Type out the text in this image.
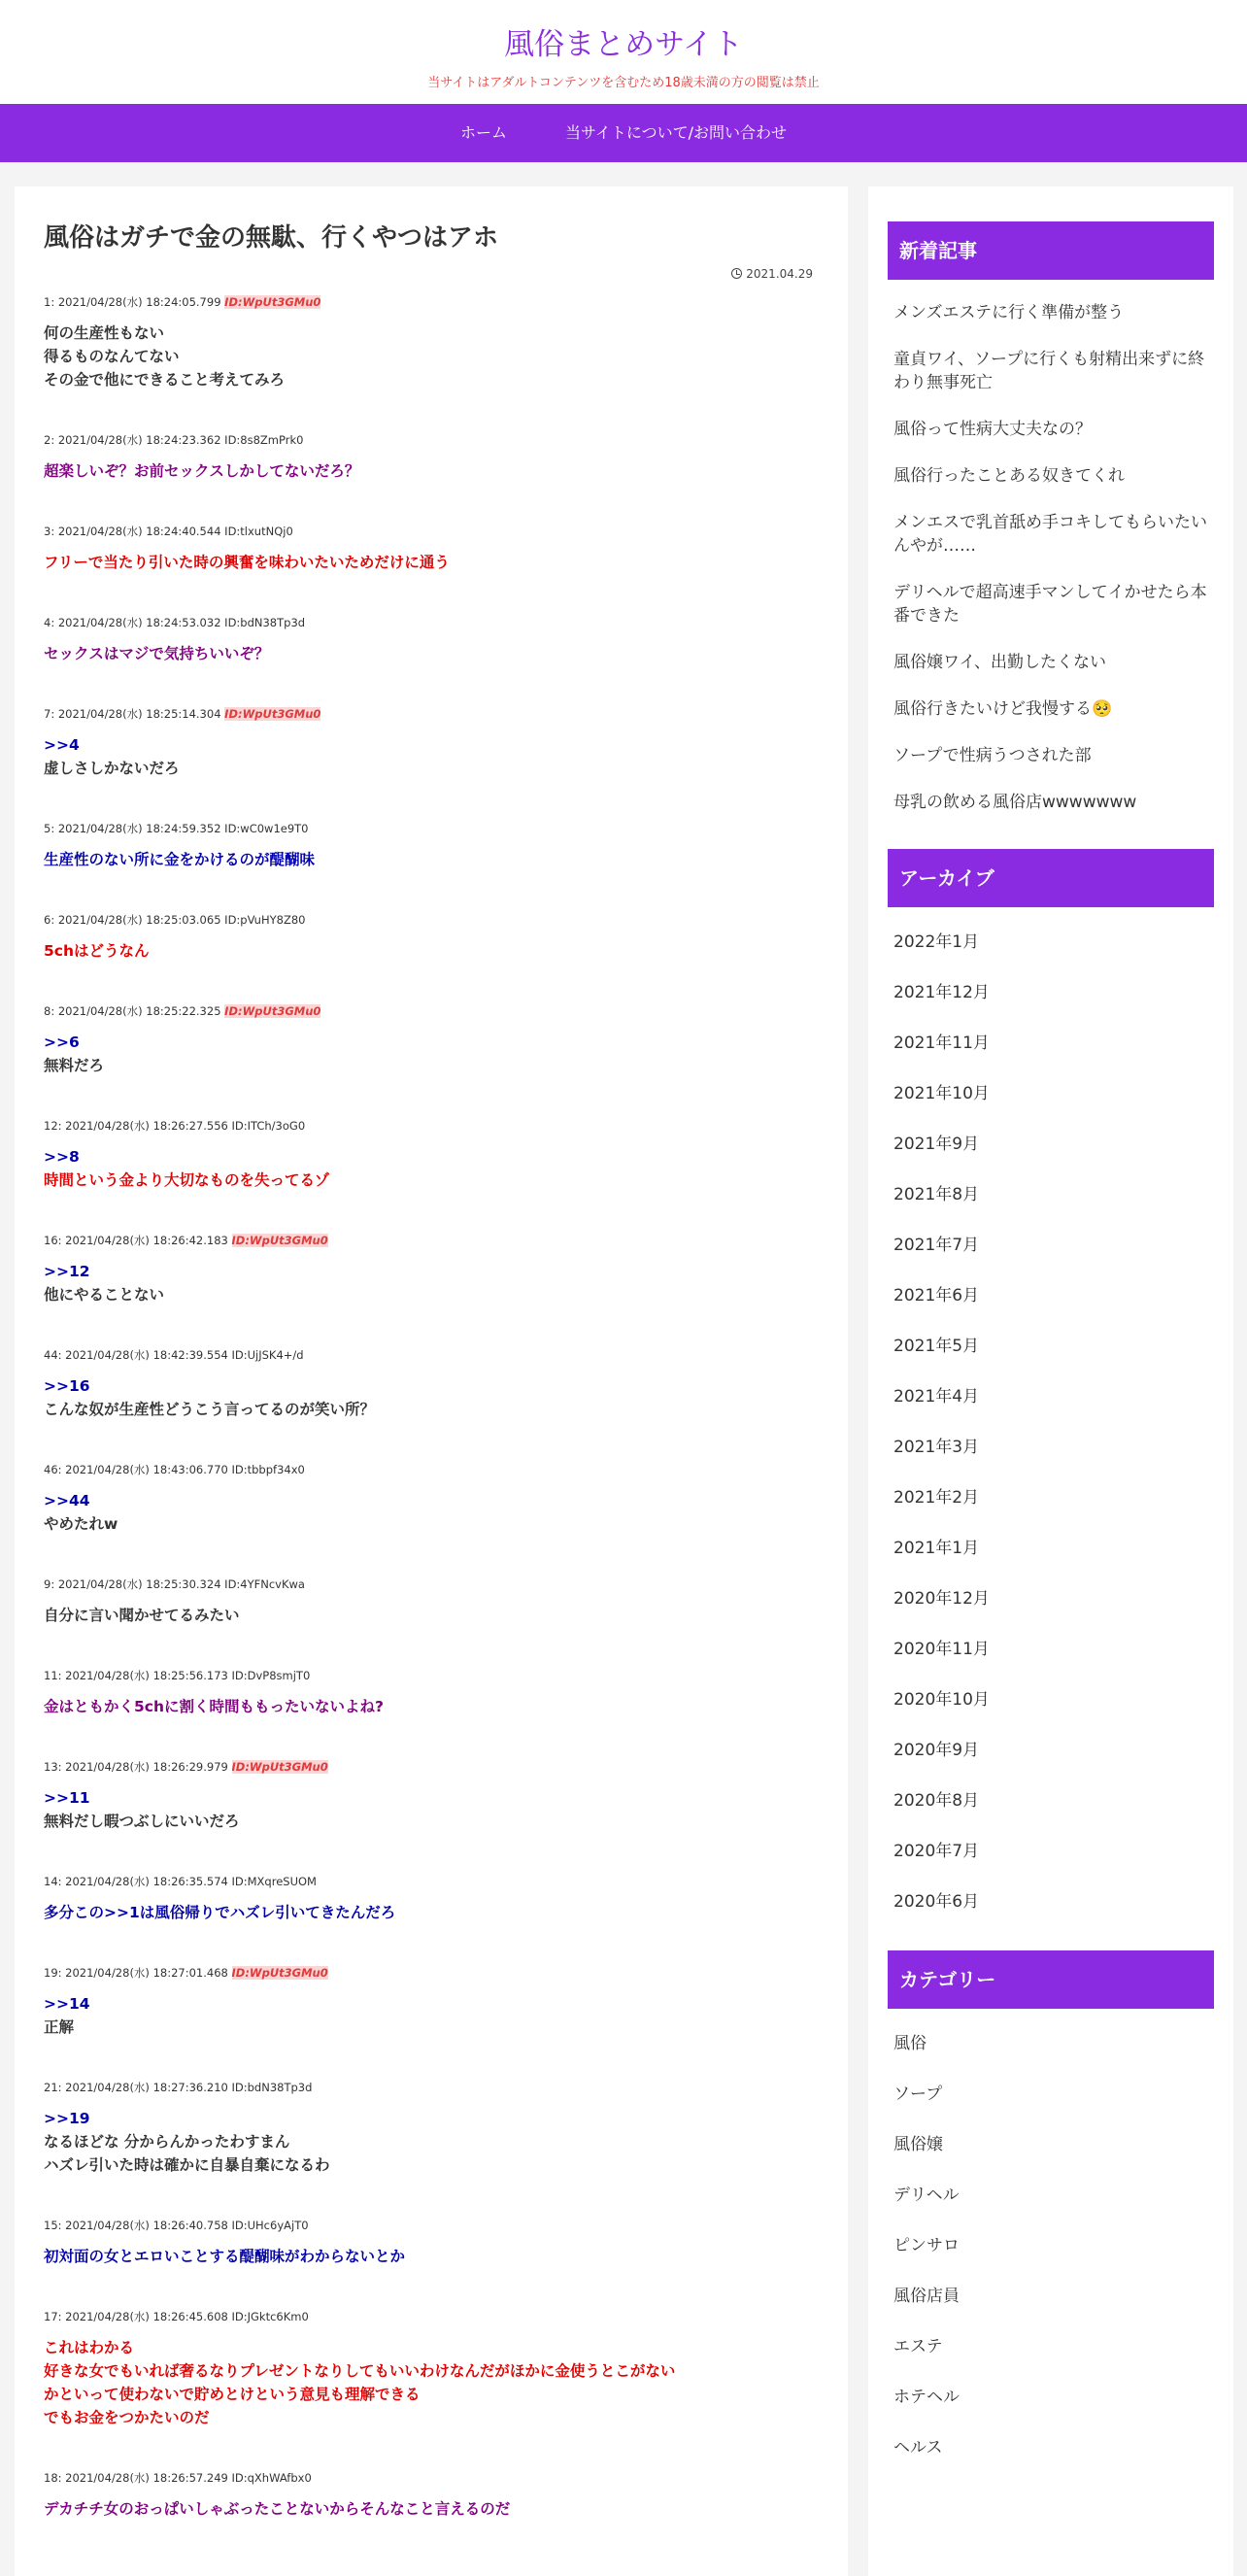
風俗まとめサイト
当サイトはアダルトコンテンツを含むため18歳未満の方の閲覧は禁止
ホーム	当サイトについて/お問い合わせ
風俗はガチで金の無駄、行くやつはアホ
2021.04.29
1: 2021/04/28(水) 18:24:05.799 ID:WpUt3GMu0
何の生産性もない
得るものなんてない
その金で他にできること考えてみろ
2: 2021/04/28(水) 18:24:23.362 ID:8s8ZmPrk0
超楽しいぞ？お前セックスしかしてないだろ？
3: 2021/04/28(水) 18:24:40.544 ID:tlxutNQj0
フリーで当たり引いた時の興奮を味わいたいためだけに通う
4: 2021/04/28(水) 18:24:53.032 ID:bdN38Tp3d
セックスはマジで気持ちいいぞ？
7: 2021/04/28(水) 18:25:14.304 ID:WpUt3GMu0
>>4
虚しさしかないだろ
5: 2021/04/28(水) 18:24:59.352 ID:wC0w1e9T0
生産性のない所に金をかけるのが醍醐味
6: 2021/04/28(水) 18:25:03.065 ID:pVuHY8Z80
5chはどうなん
8: 2021/04/28(水) 18:25:22.325 ID:WpUt3GMu0
>>6
無料だろ
12: 2021/04/28(水) 18:26:27.556 ID:ITCh/3oG0
>>8
時間という金より大切なものを失ってるゾ
16: 2021/04/28(水) 18:26:42.183 ID:WpUt3GMu0
>>12
他にやることない
44: 2021/04/28(水) 18:42:39.554 ID:UjJSK4+/d
>>16
こんな奴が生産性どうこう言ってるのが笑い所？
46: 2021/04/28(水) 18:43:06.770 ID:tbbpf34x0
>>44
やめたれw
9: 2021/04/28(水) 18:25:30.324 ID:4YFNcvKwa
自分に言い聞かせてるみたい
11: 2021/04/28(水) 18:25:56.173 ID:DvP8smjT0
金はともかく5chに割く時間ももったいないよね?
13: 2021/04/28(水) 18:26:29.979 ID:WpUt3GMu0
>>11
無料だし暇つぶしにいいだろ
14: 2021/04/28(水) 18:26:35.574 ID:MXqreSUOM
多分この>>1は風俗帰りでハズレ引いてきたんだろ
19: 2021/04/28(水) 18:27:01.468 ID:WpUt3GMu0
>>14
正解
21: 2021/04/28(水) 18:27:36.210 ID:bdN38Tp3d
>>19
なるほどな 分からんかったわすまん
ハズレ引いた時は確かに自暴自棄になるわ
15: 2021/04/28(水) 18:26:40.758 ID:UHc6yAjT0
初対面の女とエロいことする醍醐味がわからないとか
17: 2021/04/28(水) 18:26:45.608 ID:JGktc6Km0
これはわかる
好きな女でもいれば奢るなりプレゼントなりしてもいいわけなんだがほかに金使うとこがない
かといって使わないで貯めとけという意見も理解できる
でもお金をつかたいのだ
18: 2021/04/28(水) 18:26:57.249 ID:qXhWAfbx0
デカチチ女のおっぱいしゃぶったことないからそんなこと言えるのだ
新着記事
メンズエステに行く準備が整う
童貞ワイ、ソープに行くも射精出来ずに終わり無事死亡
風俗って性病大丈夫なの？
風俗行ったことある奴きてくれ
メンエスで乳首舐め手コキしてもらいたいんやが……
デリヘルで超高速手マンしてイかせたら本番できた
風俗嬢ワイ、出勤したくない
風俗行きたいけど我慢する🥺
ソープで性病うつされた部
母乳の飲める風俗店wwwwwww
アーカイブ
2022年1月
2021年12月
2021年11月
2021年10月
2021年9月
2021年8月
2021年7月
2021年6月
2021年5月
2021年4月
2021年3月
2021年2月
2021年1月
2020年12月
2020年11月
2020年10月
2020年9月
2020年8月
2020年7月
2020年6月
カテゴリー
風俗
ソープ
風俗嬢
デリヘル
ピンサロ
風俗店員
エステ
ホテヘル
ヘルス
